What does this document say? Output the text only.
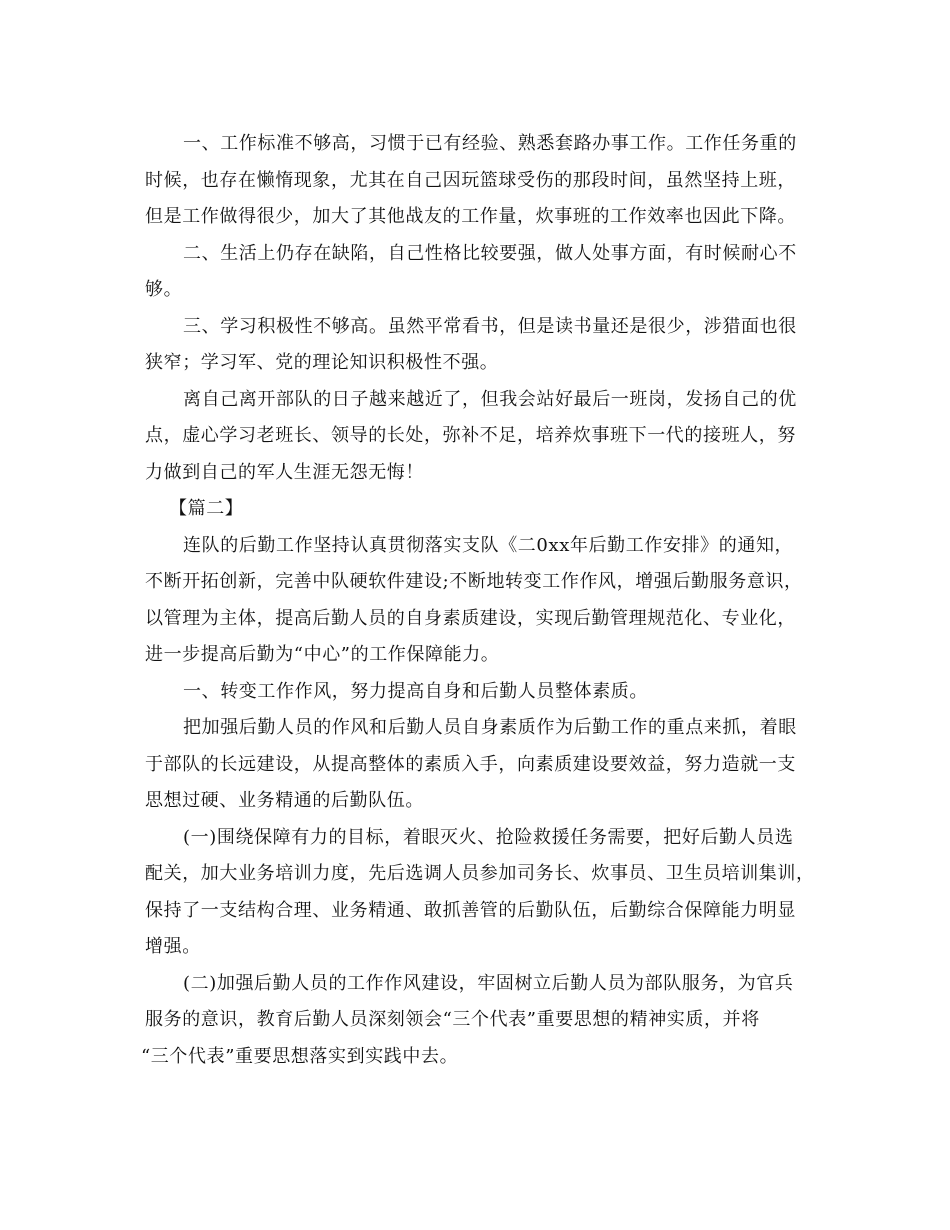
一、工作标准不够高，习惯于已有经验、熟悉套路办事工作。工作任务重的
时候，也存在懒惰现象，尤其在自己因玩篮球受伤的那段时间，虽然坚持上班，
但是工作做得很少，加大了其他战友的工作量，炊事班的工作效率也因此下降。
二、生活上仍存在缺陷，自己性格比较要强，做人处事方面，有时候耐心不
够。
三、学习积极性不够高。虽然平常看书，但是读书量还是很少，涉猎面也很
狭窄；学习军、党的理论知识积极性不强。
离自己离开部队的日子越来越近了，但我会站好最后一班岗，发扬自己的优
点，虚心学习老班长、领导的长处，弥补不足，培养炊事班下一代的接班人，努
力做到自己的军人生涯无怨无悔！
【篇二】
连队的后勤工作坚持认真贯彻落实支队《二0xx年后勤工作安排》的通知，
不断开拓创新，完善中队硬软件建设;不断地转变工作作风，增强后勤服务意识，
以管理为主体，提高后勤人员的自身素质建设，实现后勤管理规范化、专业化，
进一步提高后勤为“中心”的工作保障能力。
一、转变工作作风，努力提高自身和后勤人员整体素质。
把加强后勤人员的作风和后勤人员自身素质作为后勤工作的重点来抓，着眼
于部队的长远建设，从提高整体的素质入手，向素质建设要效益，努力造就一支
思想过硬、业务精通的后勤队伍。
(一)围绕保障有力的目标，着眼灭火、抢险救援任务需要，把好后勤人员选
配关，加大业务培训力度，先后选调人员参加司务长、炊事员、卫生员培训集训，
保持了一支结构合理、业务精通、敢抓善管的后勤队伍，后勤综合保障能力明显
增强。
(二)加强后勤人员的工作作风建设，牢固树立后勤人员为部队服务，为官兵
服务的意识，教育后勤人员深刻领会“三个代表”重要思想的精神实质，并将
“三个代表”重要思想落实到实践中去。
